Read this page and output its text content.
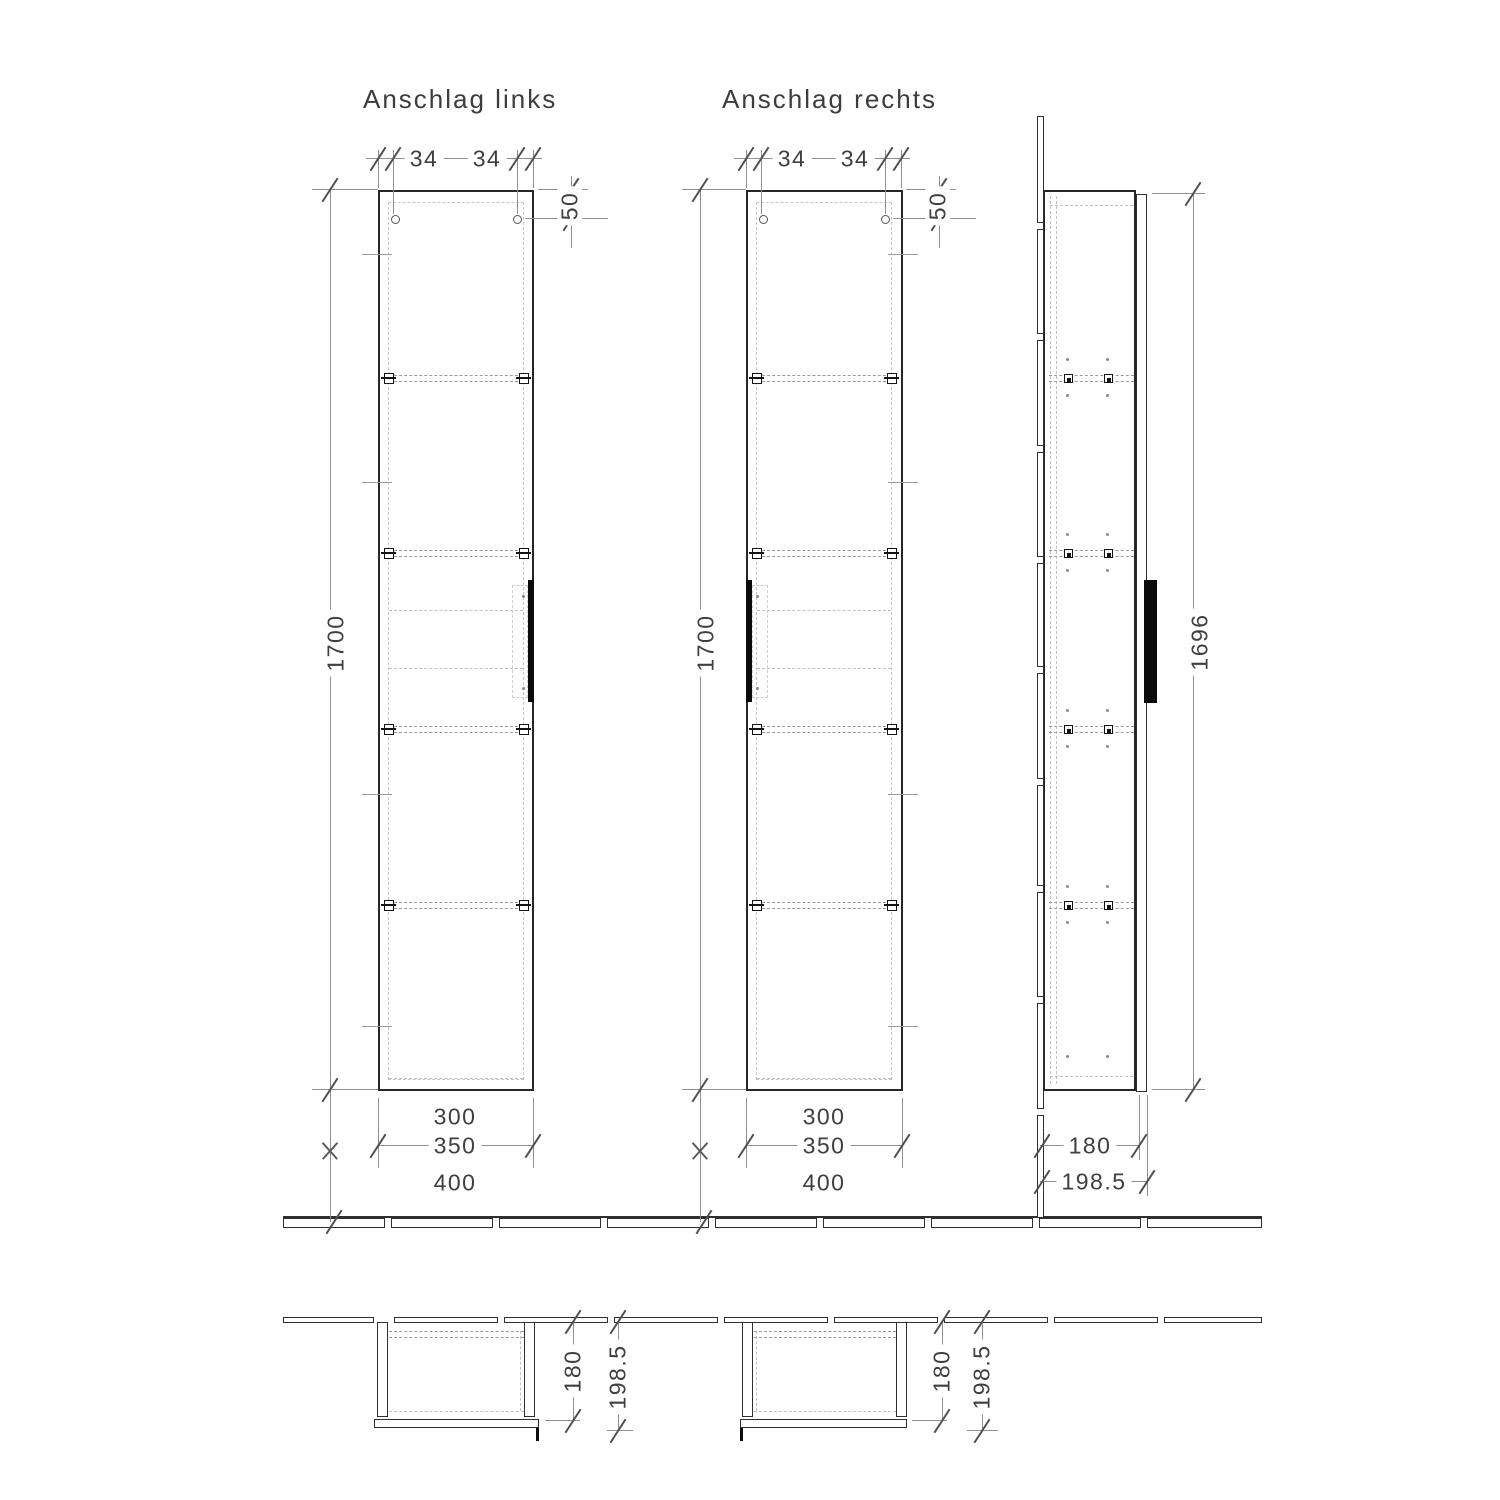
Anschlag links	Anschlag rechts
34 34
50
1700
300
350
400
34 34
50
1700
300
350
400
1696
180
198.5
180 198.5	180 198.5
